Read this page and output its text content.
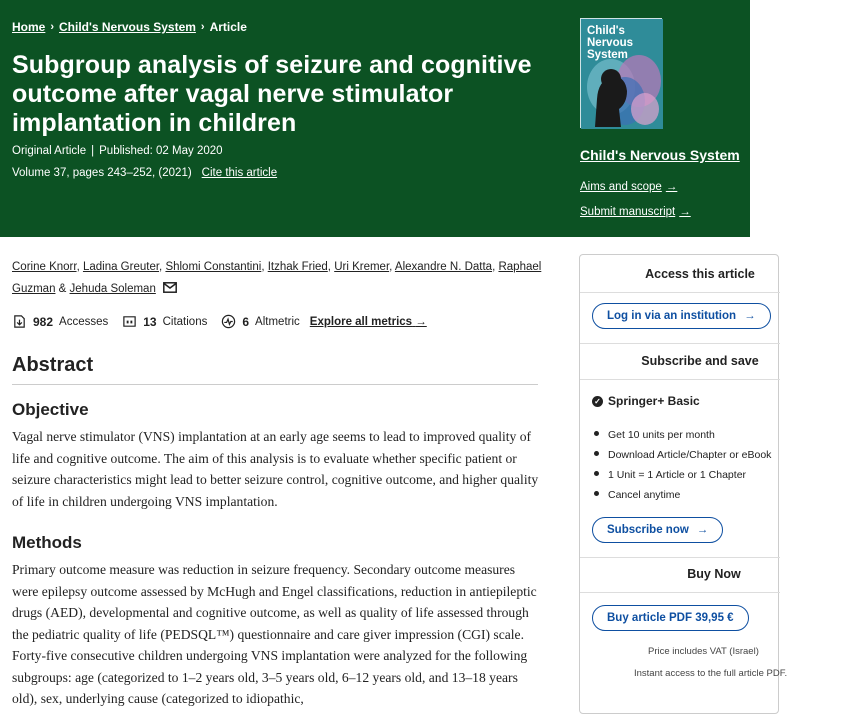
Home › Child's Nervous System › Article
Subgroup analysis of seizure and cognitive outcome after vagal nerve stimulator implantation in children
Original Article | Published: 02 May 2020
Volume 37, pages 243–252, (2021) Cite this article
Child's Nervous System
Child's Nervous System
Aims and scope →
Submit manuscript →
Corine Knorr, Ladina Greuter, Shlomi Constantini, Itzhak Fried, Uri Kremer, Alexandre N. Datta, Raphael
Guzman & Jehuda Soleman
982 Accesses	13 Citations	6 Altmetric Explore all metrics →
Abstract
Objective

Vagal nerve stimulator (VNS) implantation at an early age seems to lead to improved quality of life and cognitive outcome. The aim of this analysis is to evaluate whether specific patient or seizure characteristics might lead to better seizure control, cognitive outcome, and higher quality of life in children undergoing VNS implantation.

Methods

Primary outcome measure was reduction in seizure frequency. Secondary outcome measures were epilepsy outcome assessed by McHugh and Engel classifications, reduction in antiepileptic drugs (AED), developmental and cognitive outcome, as well as quality of life assessed through the pediatric quality of life (PEDSQL™) questionnaire and care giver impression (CGI) scale. Forty-five consecutive children undergoing VNS implantation were analyzed for the following subgroups: age (categorized to 1–2 years old, 3–5 years old, 6–12 years old, and 13–18 years old), sex, underlying cause (categorized to idiopathic,

Access this article
Log in via an institution →
Subscribe and save
✓ Springer+ Basic
Get 10 units per month
Download Article/Chapter or eBook
1 Unit = 1 Article or 1 Chapter
Cancel anytime
Subscribe now →
Buy Now
Buy article PDF 39,95 €
Price includes VAT (Israel)
Instant access to the full article PDF.
